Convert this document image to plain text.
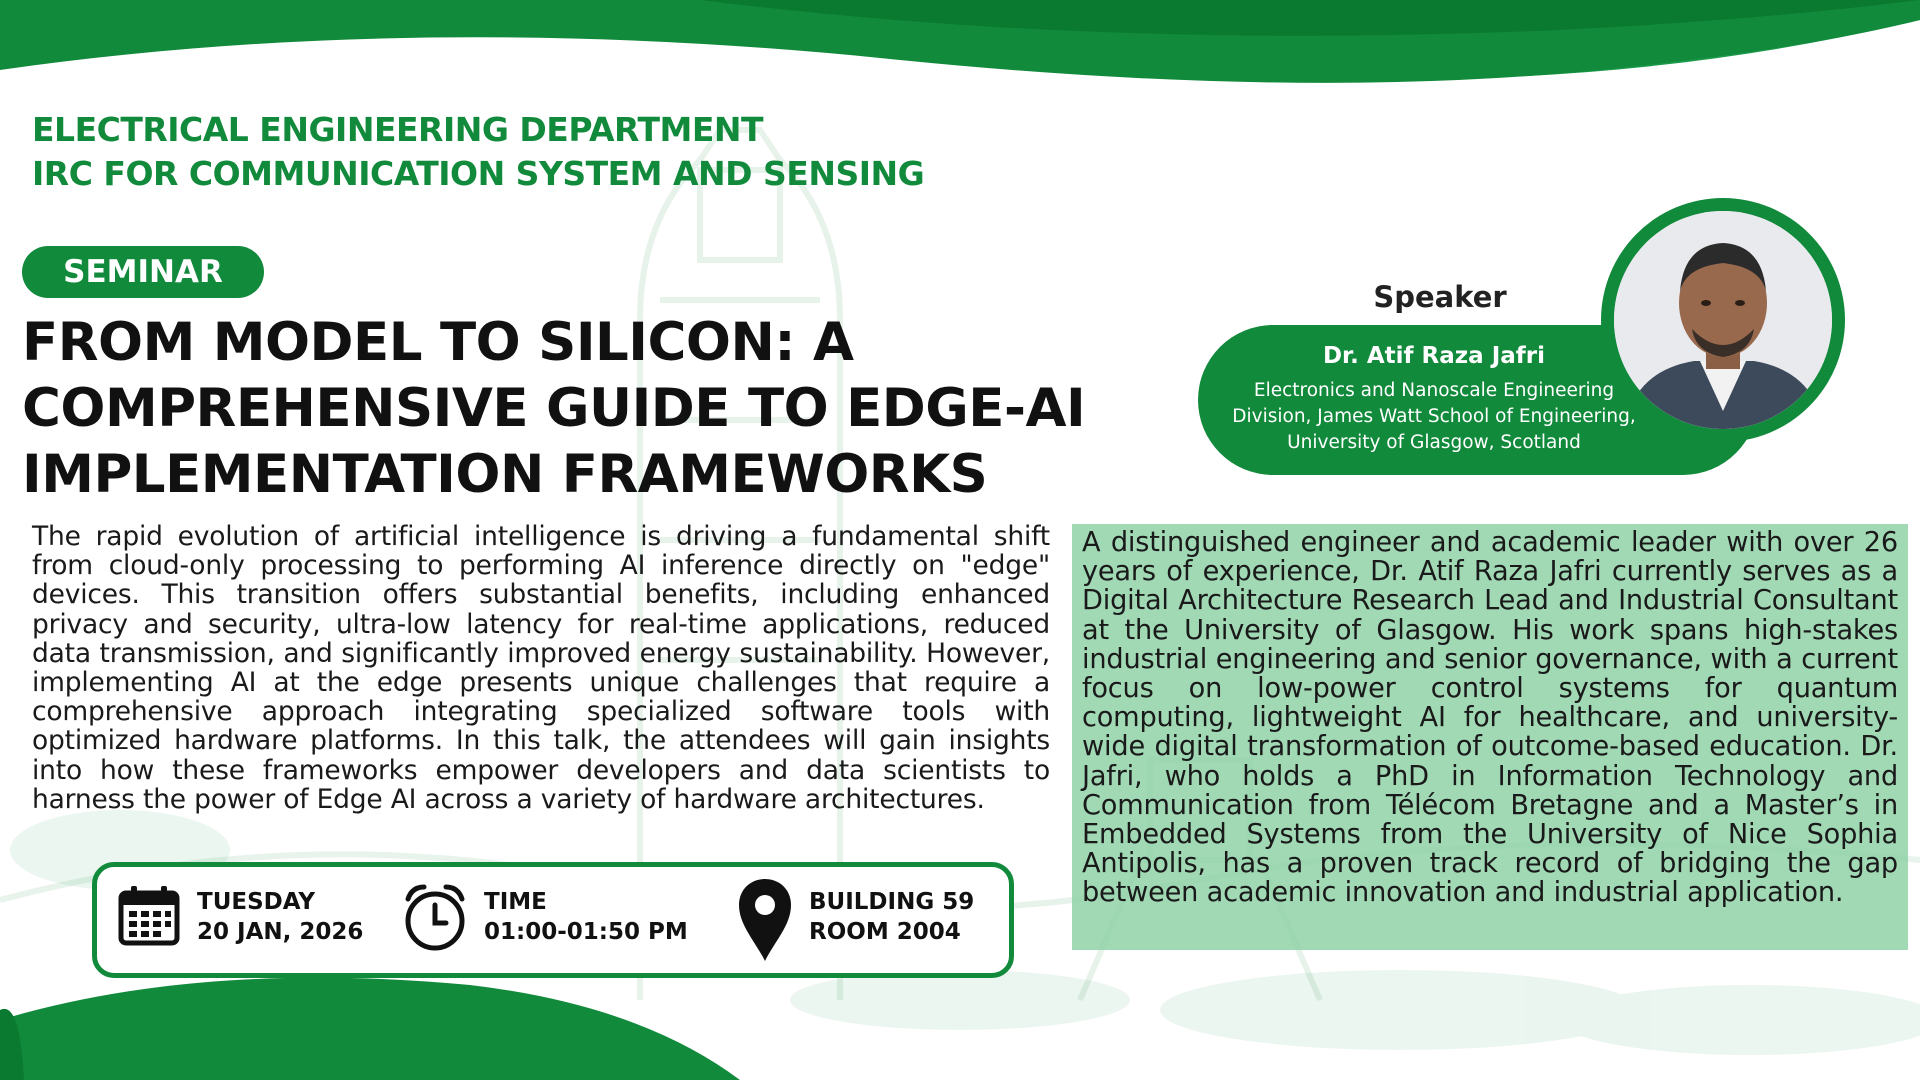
ELECTRICAL ENGINEERING DEPARTMENT
IRC FOR COMMUNICATION SYSTEM AND SENSING
SEMINAR
FROM MODEL TO SILICON: A
COMPREHENSIVE GUIDE TO EDGE-AI
IMPLEMENTATION FRAMEWORKS
The rapid evolution of artificial intelligence is driving a fundamental shift from cloud-only processing to performing AI inference directly on "edge" devices. This transition offers substantial benefits, including enhanced privacy and security, ultra-low latency for real-time applications, reduced data transmission, and significantly improved energy sustainability. However, implementing AI at the edge presents unique challenges that require a comprehensive approach integrating specialized software tools with optimized hardware platforms. In this talk, the attendees will gain insights into how these frameworks empower developers and data scientists to harness the power of Edge AI across a variety of hardware architectures.
TUESDAY
20 JAN, 2026
TIME
01:00-01:50 PM
BUILDING 59
ROOM 2004
Speaker
Dr. Atif Raza Jafri
Electronics and Nanoscale Engineering
Division, James Watt School of Engineering,
University of Glasgow, Scotland
A distinguished engineer and academic leader with over 26 years of experience, Dr. Atif Raza Jafri currently serves as a Digital Architecture Research Lead and Industrial Consultant at the University of Glasgow. His work spans high-stakes industrial engineering and senior governance, with a current focus on low-power control systems for quantum computing, lightweight AI for healthcare, and university-wide digital transformation of outcome-based education. Dr. Jafri, who holds a PhD in Information Technology and Communication from Télécom Bretagne and a Master’s in Embedded Systems from the University of Nice Sophia Antipolis, has a proven track record of bridging the gap between academic innovation and industrial application.
